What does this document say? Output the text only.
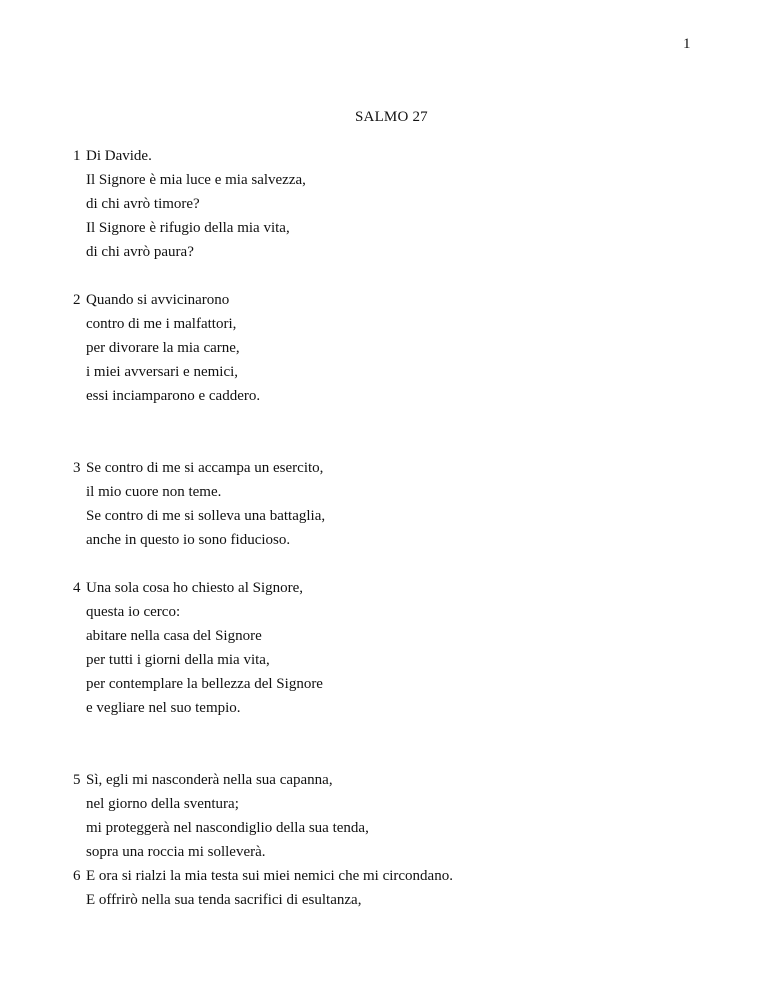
1
SALMO 27
1 Di Davide.
Il Signore è mia luce e mia salvezza,
di chi avrò timore?
Il Signore è rifugio della mia vita,
di chi avrò paura?
2 Quando si avvicinarono
contro di me i malfattori,
per divorare la mia carne,
i miei avversari e nemici,
essi inciamparono e caddero.
3 Se contro di me si accampa un esercito,
il mio cuore non teme.
Se contro di me si solleva una battaglia,
anche in questo io sono fiducioso.
4 Una sola cosa ho chiesto al Signore,
questa io cerco:
abitare nella casa del Signore
per tutti i giorni della mia vita,
per contemplare la bellezza del Signore
e vegliare nel suo tempio.
5 Sì, egli mi nasconderà nella sua capanna,
nel giorno della sventura;
mi proteggerà nel nascondiglio della sua tenda,
sopra una roccia mi solleverà.
6 E ora si rialzi la mia testa sui miei nemici che mi circondano.
E offrirò nella sua tenda sacrifici di esultanza,
